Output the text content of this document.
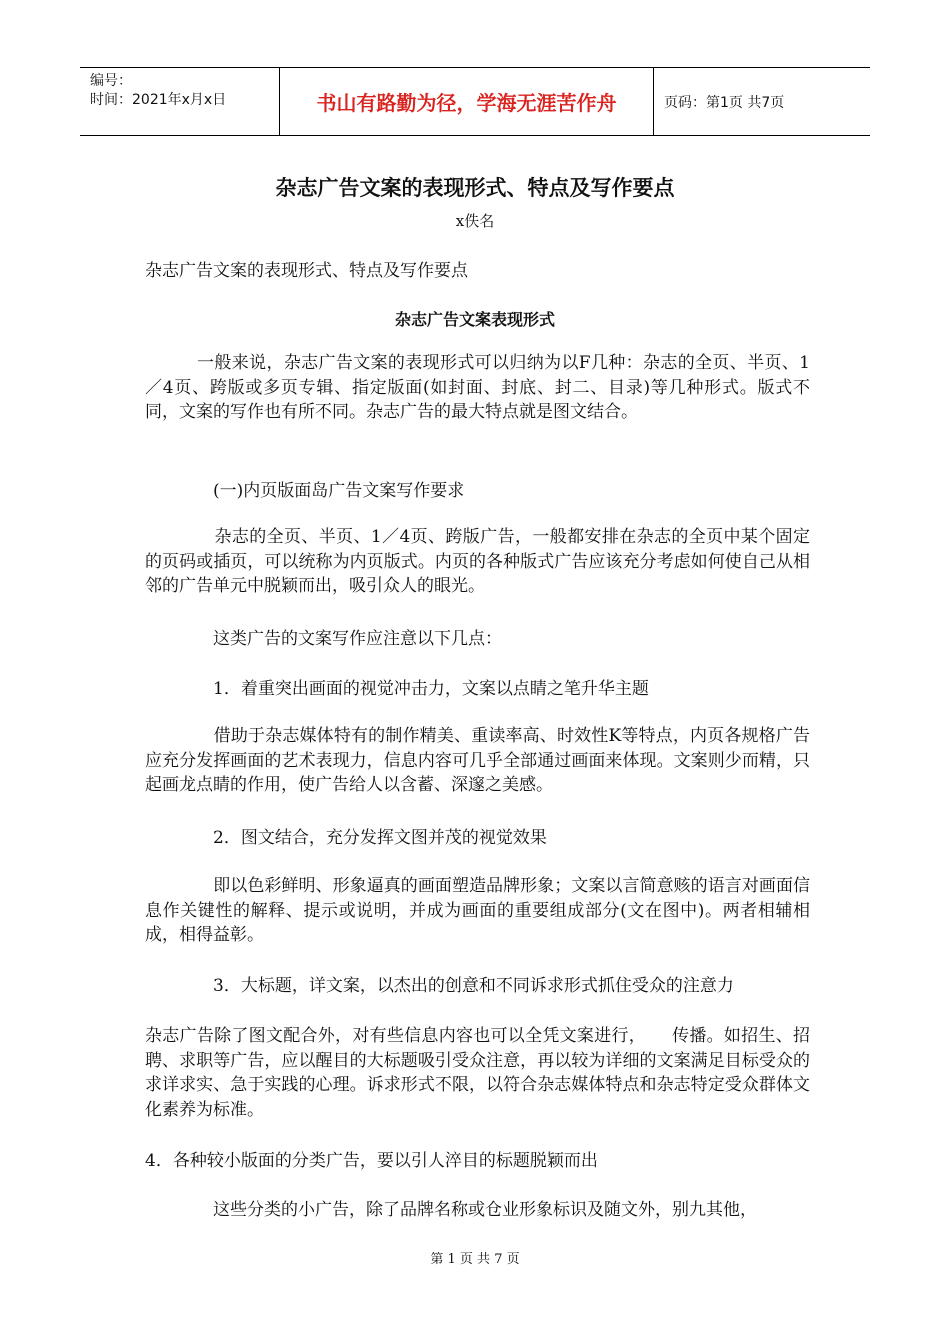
编号：
时间：2021年x月x日	书山有路勤为径，学海无涯苦作舟	页码：第1页 共7页
杂志广告文案的表现形式、特点及写作要点
x佚名
杂志广告文案的表现形式、特点及写作要点
杂志广告文案表现形式
　　　一般来说，杂志广告文案的表现形式可以归纳为以F几种：杂志的全页、半页、1／4页、跨版或多页专辑、指定版面(如封面、封底、封二、目录)等几种形式。版式不同，文案的写作也有所不同。杂志广告的最大特点就是图文结合。
　　　　(一)内页版面岛广告文案写作要求
　　　　杂志的全页、半页、1／4页、跨版广告，一般都安排在杂志的全页中某个固定的页码或插页，可以统称为内页版式。内页的各种版式广告应该充分考虑如何使自己从相邻的广告单元中脱颖而出，吸引众人的眼光。
　　　　这类广告的文案写作应注意以下几点：
　　　　1．着重突出画面的视觉冲击力，文案以点睛之笔升华主题
　　　　借助于杂志媒体特有的制作精美、重读率高、时效性K等特点，内页各规格广告应充分发挥画面的艺术表现力，信息内容可几乎全部通过画面来体现。文案则少而精，只起画龙点睛的作用，使广告给人以含蓄、深邃之美感。
　　　　2．图文结合，充分发挥文图并茂的视觉效果
　　　　即以色彩鲜明、形象逼真的画面塑造品牌形象；文案以言简意赅的语言对画面信息作关键性的解释、提示或说明，并成为画面的重要组成部分(文在图中)。两者相辅相成，相得益彰。
　　　　3．大标题，详文案，以杰出的创意和不同诉求形式抓住受众的注意力
杂志广告除了图文配合外，对有些信息内容也可以全凭文案进行，　　传播。如招生、招聘、求职等广告，应以醒目的大标题吸引受众注意，再以较为详细的文案满足目标受众的求详求实、急于实践的心理。诉求形式不限，以符合杂志媒体特点和杂志特定受众群体文化素养为标准。
4．各种较小版面的分类广告，要以引人淬目的标题脱颖而出
　　　　这些分类的小广告，除了品牌名称或仓业形象标识及随文外，别九其他，
第 1 页 共 7 页
